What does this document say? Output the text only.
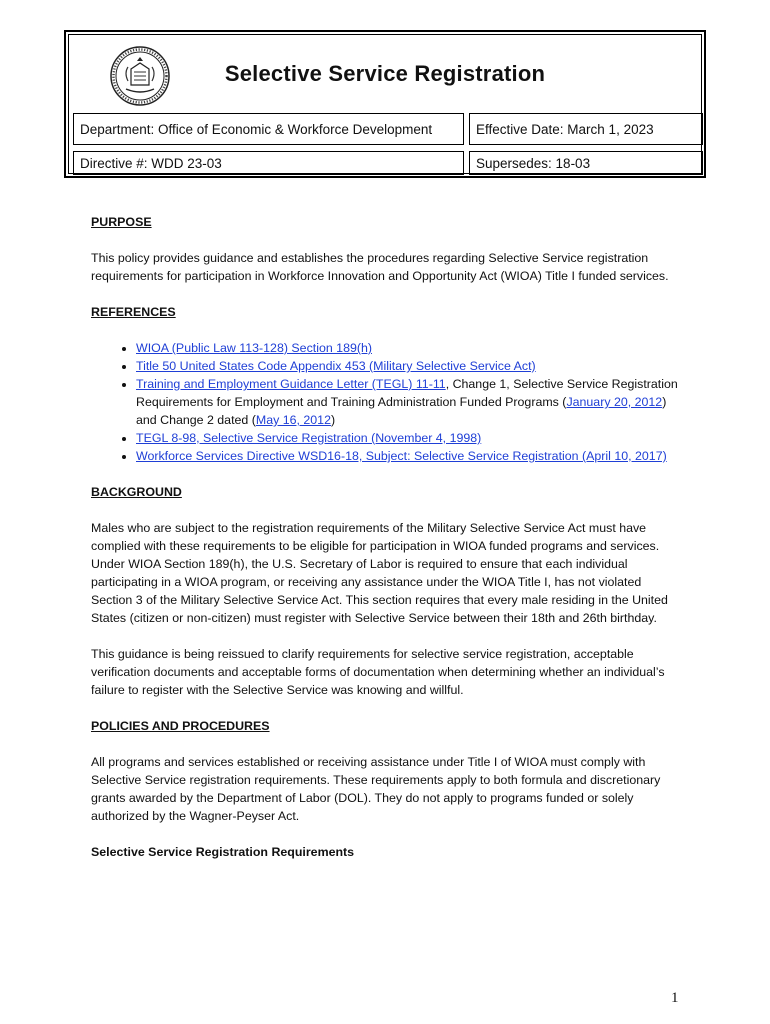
Selective Service Registration
Department: Office of Economic & Workforce Development	Effective Date: March 1, 2023
Directive #: WDD 23-03	Supersedes: 18-03

PURPOSE

This policy provides guidance and establishes the procedures regarding Selective Service registration requirements for participation in Workforce Innovation and Opportunity Act (WIOA) Title I funded services.

REFERENCES

• WIOA (Public Law 113-128) Section 189(h)
• Title 50 United States Code Appendix 453 (Military Selective Service Act)
• Training and Employment Guidance Letter (TEGL) 11-11, Change 1, Selective Service Registration Requirements for Employment and Training Administration Funded Programs (January 20, 2012) and Change 2 dated (May 16, 2012)
• TEGL 8-98, Selective Service Registration (November 4, 1998)
• Workforce Services Directive WSD16-18, Subject: Selective Service Registration (April 10, 2017)

BACKGROUND

Males who are subject to the registration requirements of the Military Selective Service Act must have complied with these requirements to be eligible for participation in WIOA funded programs and services. Under WIOA Section 189(h), the U.S. Secretary of Labor is required to ensure that each individual participating in a WIOA program, or receiving any assistance under the WIOA Title I, has not violated Section 3 of the Military Selective Service Act. This section requires that every male residing in the United States (citizen or non-citizen) must register with Selective Service between their 18th and 26th birthday.

This guidance is being reissued to clarify requirements for selective service registration, acceptable verification documents and acceptable forms of documentation when determining whether an individual’s failure to register with the Selective Service was knowing and willful.

POLICIES AND PROCEDURES

All programs and services established or receiving assistance under Title I of WIOA must comply with Selective Service registration requirements. These requirements apply to both formula and discretionary grants awarded by the Department of Labor (DOL). They do not apply to programs funded or solely authorized by the Wagner-Peyser Act.

Selective Service Registration Requirements

1
